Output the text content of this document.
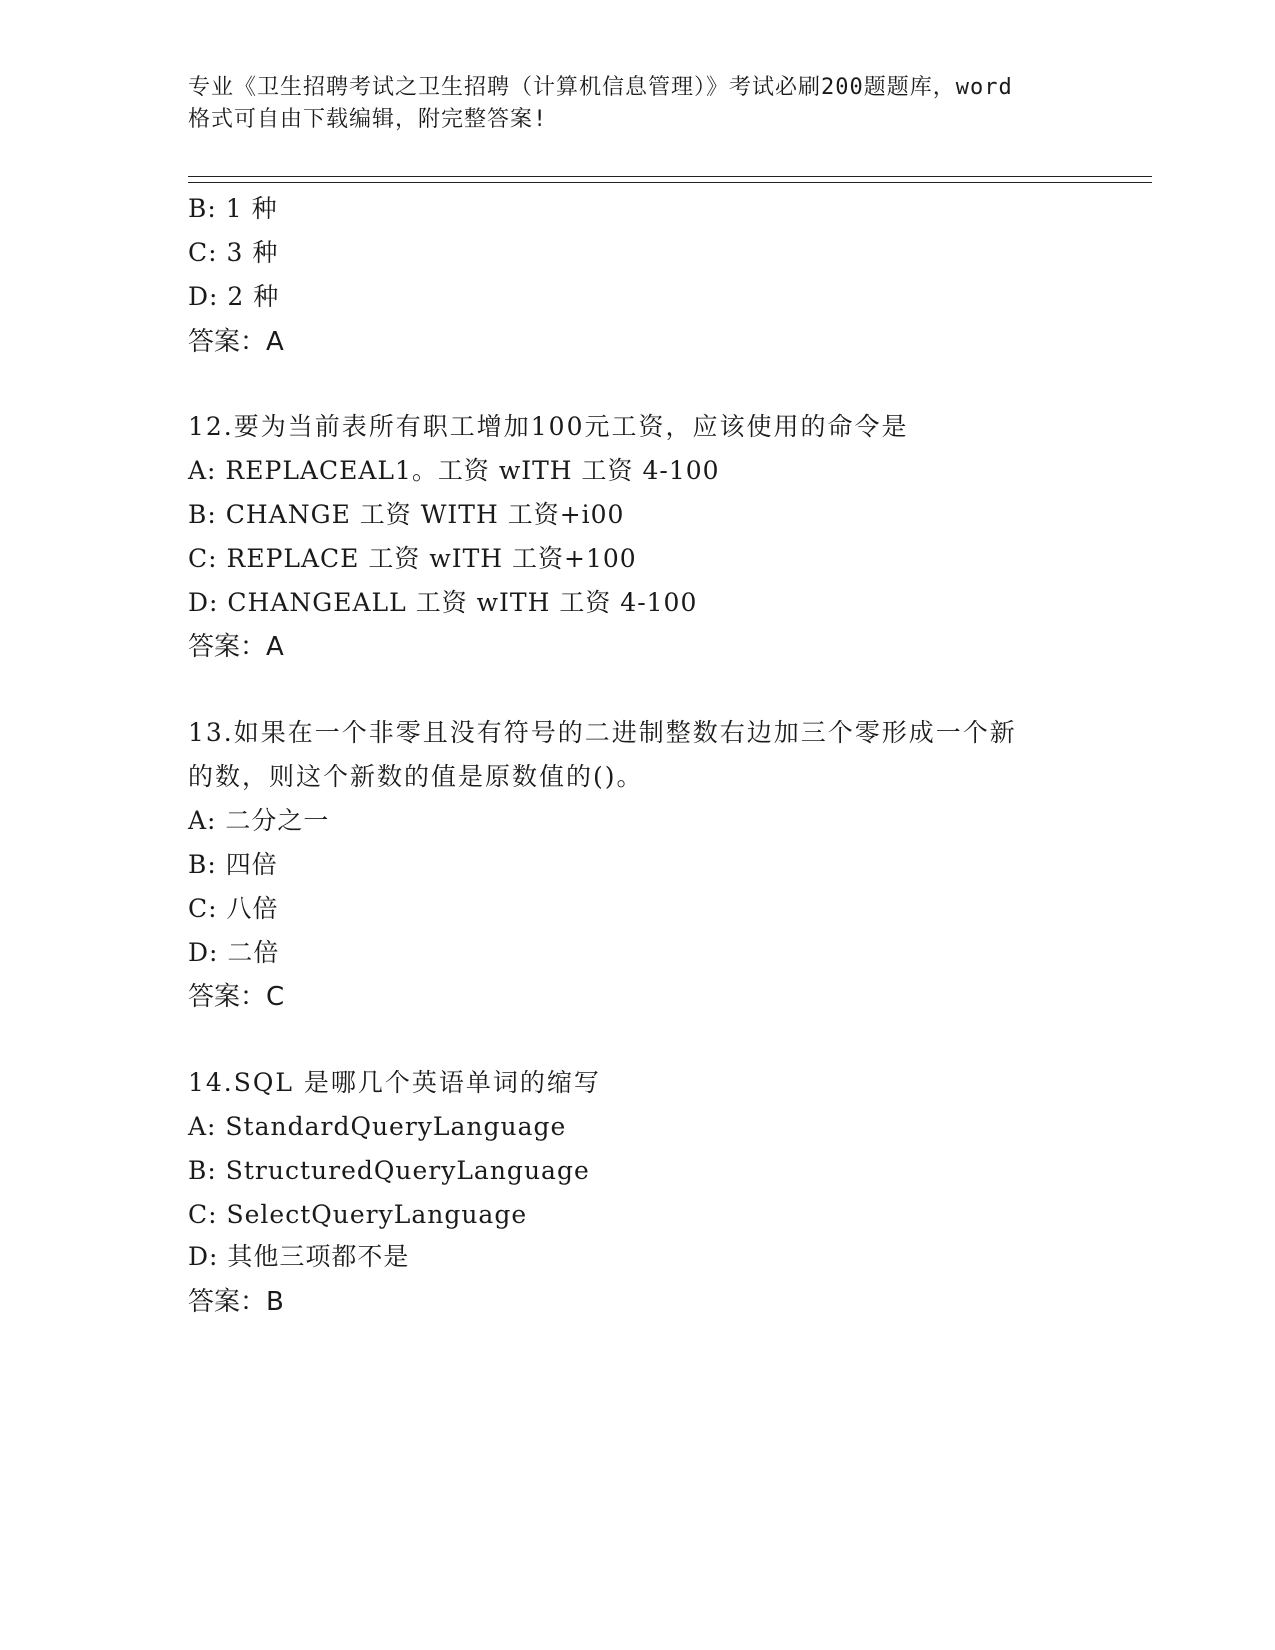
专业《卫生招聘考试之卫生招聘（计算机信息管理）》考试必刷200题题库，word
格式可自由下载编辑，附完整答案!
B: 1 种
C: 3 种
D: 2 种
答案：A
12.要为当前表所有职工增加100元工资，应该使用的命令是
A: REPLACEAL1。工资 wITH 工资 4-100
B: CHANGE 工资 WITH 工资+i00
C: REPLACE 工资 wITH 工资+100
D: CHANGEALL 工资 wITH 工资 4-100
答案：A
13.如果在一个非零且没有符号的二进制整数右边加三个零形成一个新
的数，则这个新数的值是原数值的()。
A: 二分之一
B: 四倍
C: 八倍
D: 二倍
答案：C
14.SQL 是哪几个英语单词的缩写
A: StandardQueryLanguage
B: StructuredQueryLanguage
C: SelectQueryLanguage
D: 其他三项都不是
答案：B
